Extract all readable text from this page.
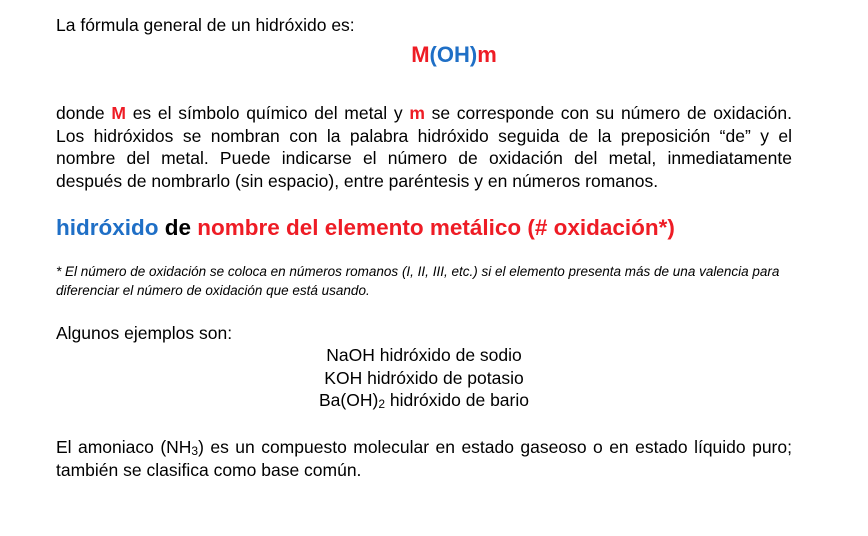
La fórmula general de un hidróxido es:

M(OH)m

donde M es el símbolo químico del metal y m se corresponde con su número de oxidación. Los hidróxidos se nombran con la palabra hidróxido seguida de la preposición “de” y el nombre del metal. Puede indicarse el número de oxidación del metal, inmediatamente después de nombrarlo (sin espacio), entre paréntesis y en números romanos.

hidróxido de nombre del elemento metálico (# oxidación*)

* El número de oxidación se coloca en números romanos (I, II, III, etc.) si el elemento presenta más de una valencia para diferenciar el número de oxidación que está usando.

Algunos ejemplos son:

NaOH hidróxido de sodio
KOH hidróxido de potasio
$Ba(OH)_2$ hidróxido de bario

El amoniaco $(NH_3)$ es un compuesto molecular en estado gaseoso o en estado líquido puro; también se clasifica como base común.
